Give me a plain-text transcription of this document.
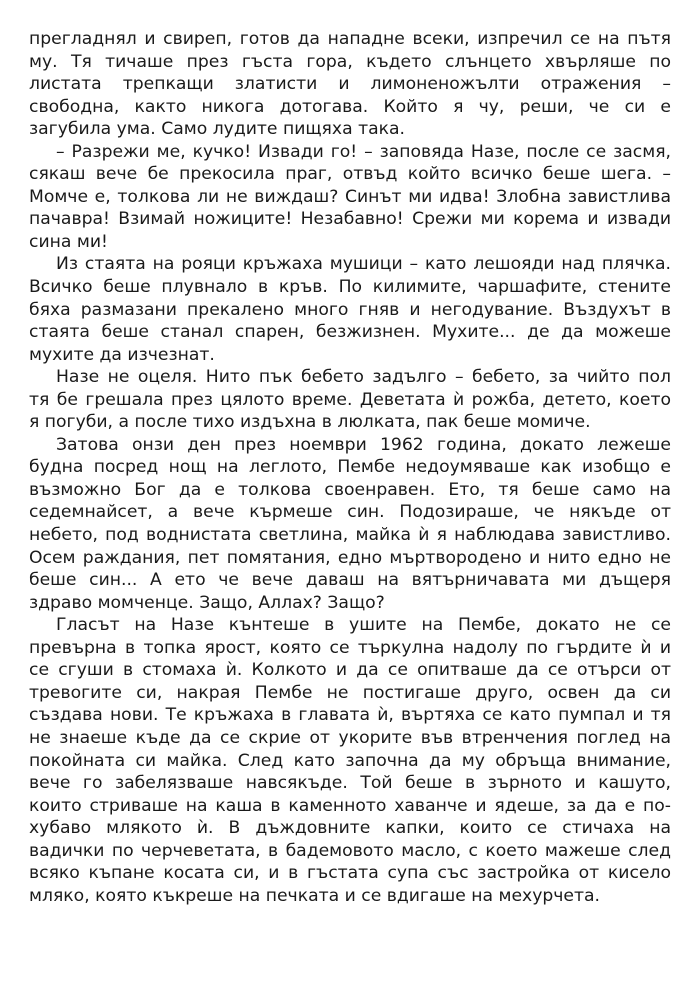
прегладнял и свиреп, готов да нападне всеки, изпречил се на пътя
му. Тя тичаше през гъста гора, където слънцето хвърляше по
листата трепкащи златисти и лимоненожълти отражения –
свободна, както никога дотогава. Който я чу, реши, че си е
загубила ума. Само лудите пищяха така.
– Разрежи ме, кучко! Извади го! – заповяда Назе, после се засмя,
сякаш вече бе прекосила праг, отвъд който всичко беше шега. –
Момче е, толкова ли не виждаш? Синът ми идва! Злобна завистлива
пачавра! Взимай ножиците! Незабавно! Срежи ми корема и извади
сина ми!
Из стаята на рояци кръжаха мушици – като лешояди над плячка.
Всичко беше плувнало в кръв. По килимите, чаршафите, стените
бяха размазани прекалено много гняв и негодувание. Въздухът в
стаята беше станал спарен, безжизнен. Мухите... де да можеше
мухите да изчезнат.
Назе не оцеля. Нито пък бебето задълго – бебето, за чийто пол
тя бе грешала през цялото време. Деветата ѝ рожба, детето, което
я погуби, а после тихо издъхна в люлката, пак беше момиче.
Затова онзи ден през ноември 1962 година, докато лежеше
будна посред нощ на леглото, Пембе недоумяваше как изобщо е
възможно Бог да е толкова своенравен. Ето, тя беше само на
седемнайсет, а вече кърмеше син. Подозираше, че някъде от
небето, под воднистата светлина, майка ѝ я наблюдава завистливо.
Осем раждания, пет помятания, едно мъртвородено и нито едно не
беше син... А ето че вече даваш на вятърничавата ми дъщеря
здраво момченце. Защо, Аллах? Защо?
Гласът на Назе кънтеше в ушите на Пембе, докато не се
превърна в топка ярост, която се търкулна надолу по гърдите ѝ и
се сгуши в стомаха ѝ. Колкото и да се опитваше да се отърси от
тревогите си, накрая Пембе не постигаше друго, освен да си
създава нови. Те кръжаха в главата ѝ, въртяха се като пумпал и тя
не знаеше къде да се скрие от укорите във втренчения поглед на
покойната си майка. След като започна да му обръща внимание,
вече го забелязваше навсякъде. Той беше в зърното и кашуто,
които стриваше на каша в каменното хаванче и ядеше, за да е по-
хубаво млякото ѝ. В дъждовните капки, които се стичаха на
вадички по черчеветата, в бадемовото масло, с което мажеше след
всяко къпане косата си, и в гъстата супа със застройка от кисело
мляко, която къкреше на печката и се вдигаше на мехурчета.
